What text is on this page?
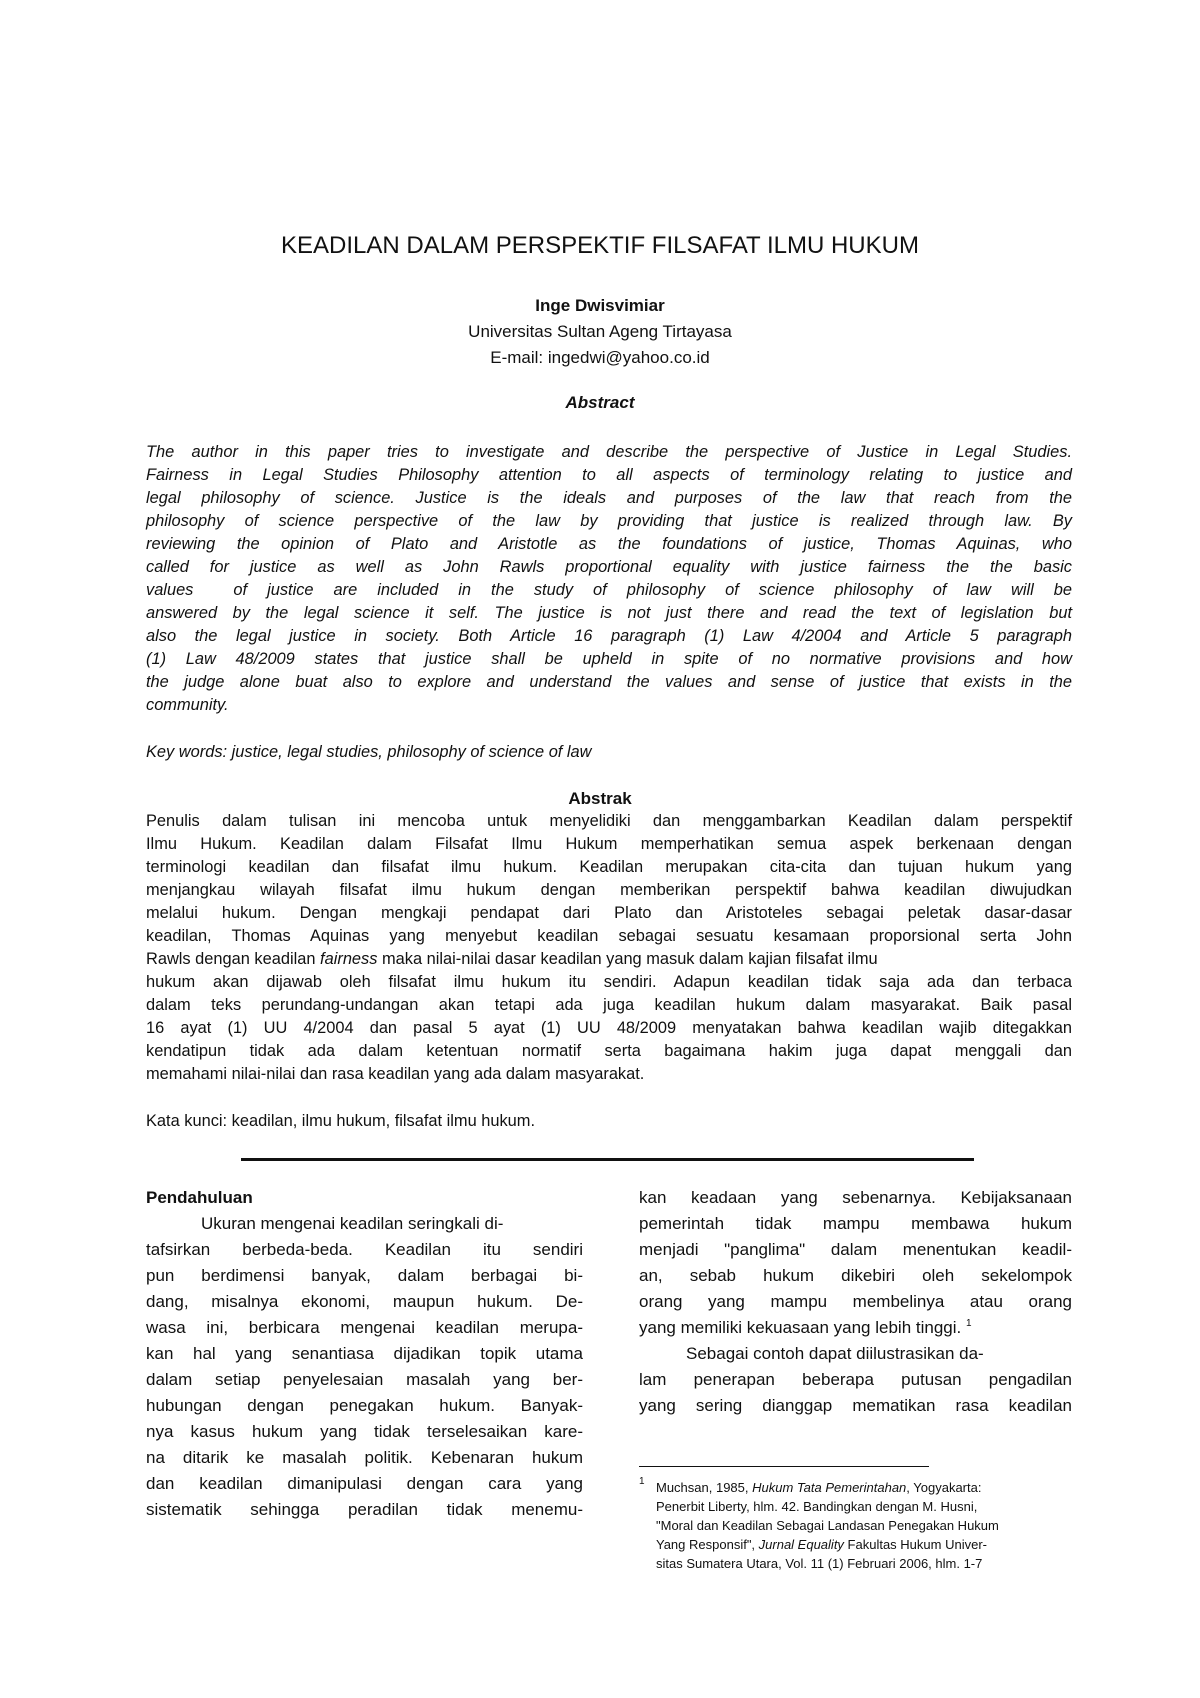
KEADILAN DALAM PERSPEKTIF FILSAFAT ILMU HUKUM
Inge Dwisvimiar
Universitas Sultan Ageng Tirtayasa
E-mail: ingedwi@yahoo.co.id
Abstract
The author in this paper tries to investigate and describe the perspective of Justice in Legal Studies.
Fairness in Legal Studies Philosophy attention to all aspects of terminology relating to justice and
legal philosophy of science. Justice is the ideals and purposes of the law that reach from the
philosophy of science perspective of the law by providing that justice is realized through law. By
reviewing the opinion of Plato and Aristotle as the foundations of justice, Thomas Aquinas, who
called for justice as well as John Rawls proportional equality with justice fairness the the basic
values  of justice are included in the study of philosophy of science philosophy of law will be
answered by the legal science it self. The justice is not just there and read the text of legislation but
also the legal justice in society. Both Article 16 paragraph (1) Law 4/2004 and Article 5 paragraph
(1) Law 48/2009 states that justice shall be upheld in spite of no normative provisions and how
the judge alone buat also to explore and understand the values and sense of justice that exists in the
community.
Key words: justice, legal studies, philosophy of science of law
Abstrak
Penulis dalam tulisan ini mencoba untuk menyelidiki dan menggambarkan Keadilan dalam perspektif
Ilmu Hukum. Keadilan dalam Filsafat Ilmu Hukum memperhatikan semua aspek berkenaan dengan
terminologi keadilan dan filsafat ilmu hukum. Keadilan merupakan cita-cita dan tujuan hukum yang
menjangkau wilayah filsafat ilmu hukum dengan memberikan perspektif bahwa keadilan diwujudkan
melalui hukum. Dengan mengkaji pendapat dari Plato dan Aristoteles sebagai peletak dasar-dasar
keadilan, Thomas Aquinas yang menyebut keadilan sebagai sesuatu kesamaan proporsional serta John
Rawls dengan keadilan fairness maka nilai-nilai dasar keadilan yang masuk dalam kajian filsafat ilmu
hukum akan dijawab oleh filsafat ilmu hukum itu sendiri. Adapun keadilan tidak saja ada dan terbaca
dalam teks perundang-undangan akan tetapi ada juga keadilan hukum dalam masyarakat. Baik pasal
16 ayat (1) UU 4/2004 dan pasal 5 ayat (1) UU 48/2009 menyatakan bahwa keadilan wajib ditegakkan
kendatipun tidak ada dalam ketentuan normatif serta bagaimana hakim juga dapat menggali dan
memahami nilai-nilai dan rasa keadilan yang ada dalam masyarakat.
Kata kunci: keadilan, ilmu hukum, filsafat ilmu hukum.
Pendahuluan
Ukuran mengenai keadilan seringkali di-
tafsirkan berbeda-beda. Keadilan itu sendiri
pun berdimensi banyak, dalam berbagai bi-
dang, misalnya ekonomi, maupun hukum. De-
wasa ini, berbicara mengenai keadilan merupa-
kan hal yang senantiasa dijadikan topik utama
dalam setiap penyelesaian masalah yang ber-
hubungan dengan penegakan hukum. Banyak-
nya kasus hukum yang tidak terselesaikan kare-
na ditarik ke masalah politik. Kebenaran hukum
dan keadilan dimanipulasi dengan cara yang
sistematik sehingga peradilan tidak menemu-
kan keadaan yang sebenarnya. Kebijaksanaan
pemerintah tidak mampu membawa hukum
menjadi "panglima" dalam menentukan keadil-
an, sebab hukum dikebiri oleh sekelompok
orang yang mampu membelinya atau orang
yang memiliki kekuasaan yang lebih tinggi. $^1$
Sebagai contoh dapat diilustrasikan da-
lam penerapan beberapa putusan pengadilan
yang sering dianggap mematikan rasa keadilan
$^1$ Muchsan, 1985, Hukum Tata Pemerintahan, Yogyakarta:
Penerbit Liberty, hlm. 42. Bandingkan dengan M. Husni,
"Moral dan Keadilan Sebagai Landasan Penegakan Hukum
Yang Responsif", Jurnal Equality Fakultas Hukum Univer-
sitas Sumatera Utara, Vol. 11 (1) Februari 2006, hlm. 1-7
